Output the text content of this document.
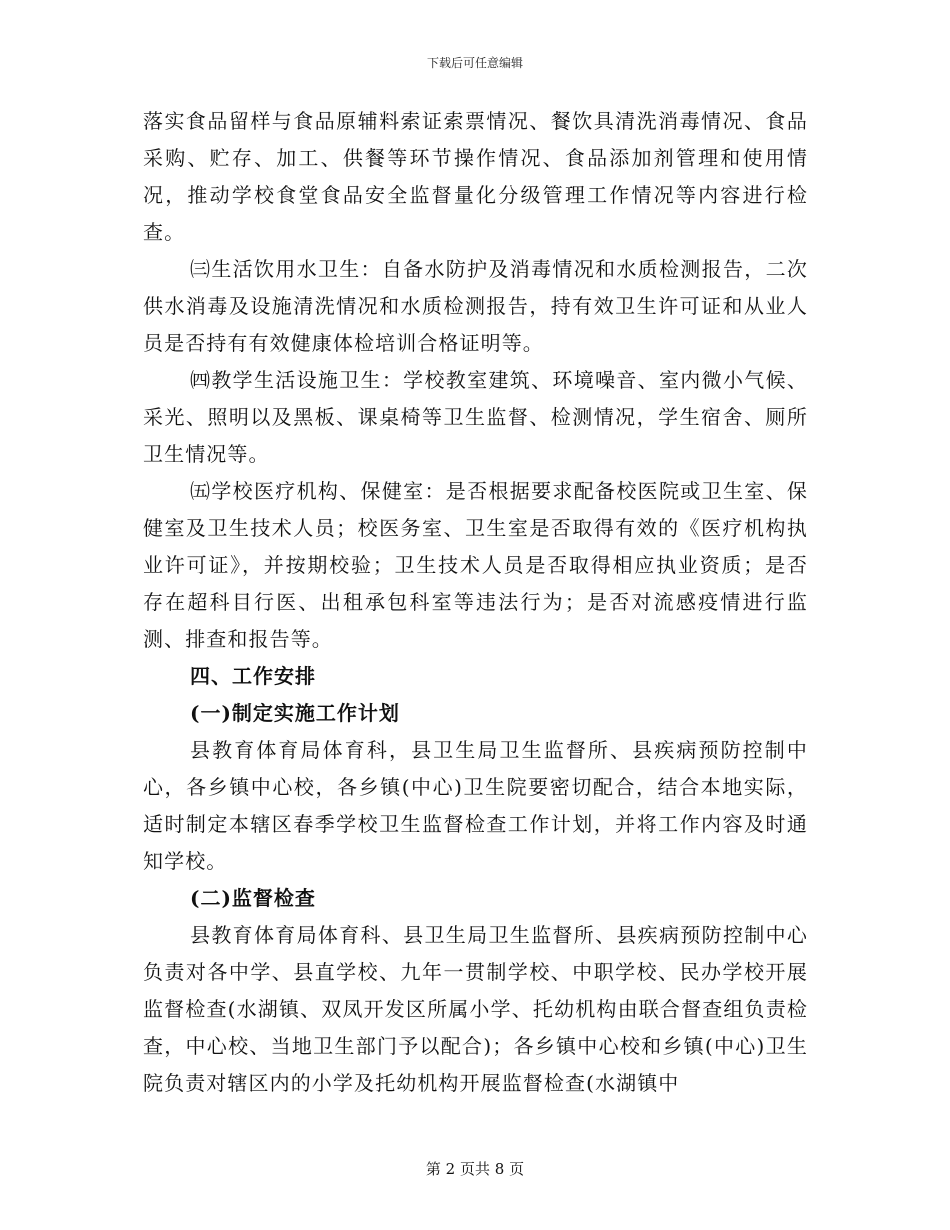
下载后可任意编辑

落实食品留样与食品原辅料索证索票情况、餐饮具清洗消毒情况、食品采购、贮存、加工、供餐等环节操作情况、食品添加剂管理和使用情况，推动学校食堂食品安全监督量化分级管理工作情况等内容进行检查。

㈢生活饮用水卫生：自备水防护及消毒情况和水质检测报告，二次供水消毒及设施清洗情况和水质检测报告，持有效卫生许可证和从业人员是否持有有效健康体检培训合格证明等。

㈣教学生活设施卫生：学校教室建筑、环境噪音、室内微小气候、采光、照明以及黑板、课桌椅等卫生监督、检测情况，学生宿舍、厕所卫生情况等。

㈤学校医疗机构、保健室：是否根据要求配备校医院或卫生室、保健室及卫生技术人员；校医务室、卫生室是否取得有效的《医疗机构执业许可证》，并按期校验；卫生技术人员是否取得相应执业资质；是否存在超科目行医、出租承包科室等违法行为；是否对流感疫情进行监测、排查和报告等。

四、工作安排

(一)制定实施工作计划

县教育体育局体育科，县卫生局卫生监督所、县疾病预防控制中心，各乡镇中心校，各乡镇(中心)卫生院要密切配合，结合本地实际，适时制定本辖区春季学校卫生监督检查工作计划，并将工作内容及时通知学校。

(二)监督检查

县教育体育局体育科、县卫生局卫生监督所、县疾病预防控制中心负责对各中学、县直学校、九年一贯制学校、中职学校、民办学校开展监督检查(水湖镇、双凤开发区所属小学、托幼机构由联合督查组负责检查，中心校、当地卫生部门予以配合)；各乡镇中心校和乡镇(中心)卫生院负责对辖区内的小学及托幼机构开展监督检查(水湖镇中

第 2 页共 8 页
